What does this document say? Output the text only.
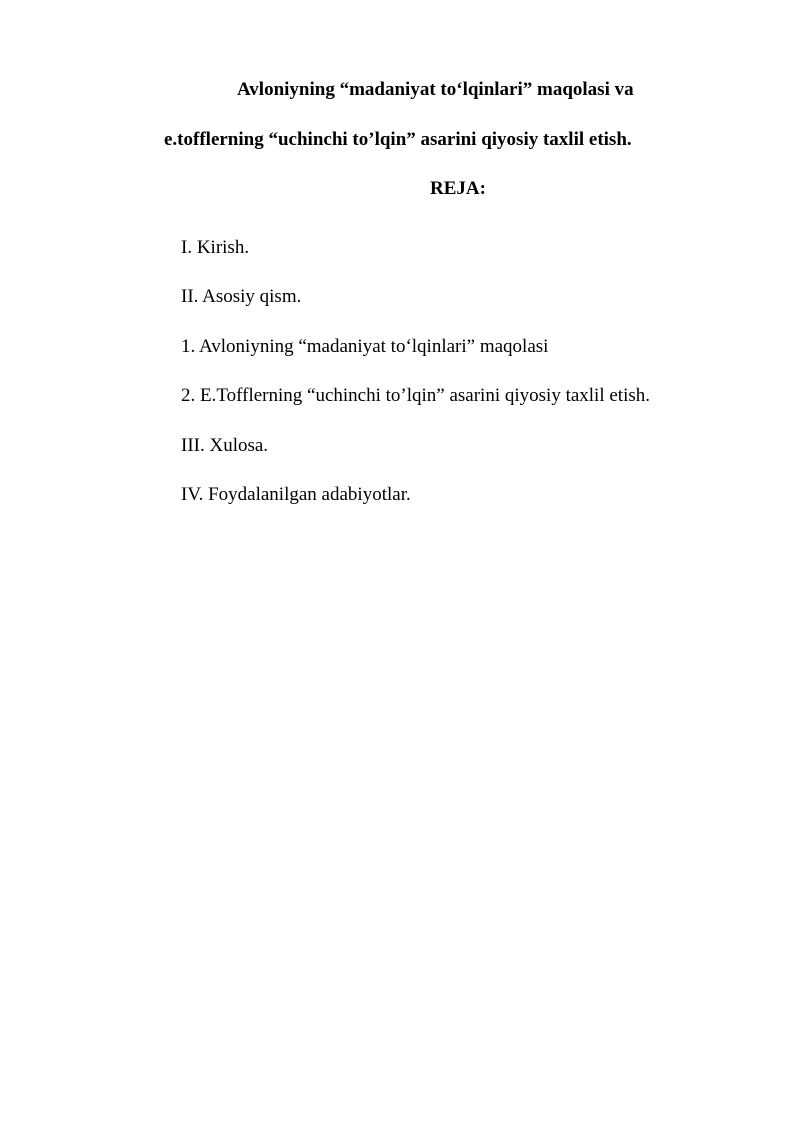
Avloniyning “madaniyat to‘lqinlari” maqolasi va
e.tofflerning “uchinchi to’lqin” asarini qiyosiy taxlil etish.
REJA:
I. Kirish.
II. Asosiy qism.
1. Avloniyning “madaniyat to‘lqinlari” maqolasi
2. E.Tofflerning “uchinchi to’lqin” asarini qiyosiy taxlil etish.
III. Xulosa.
IV. Foydalanilgan adabiyotlar.
